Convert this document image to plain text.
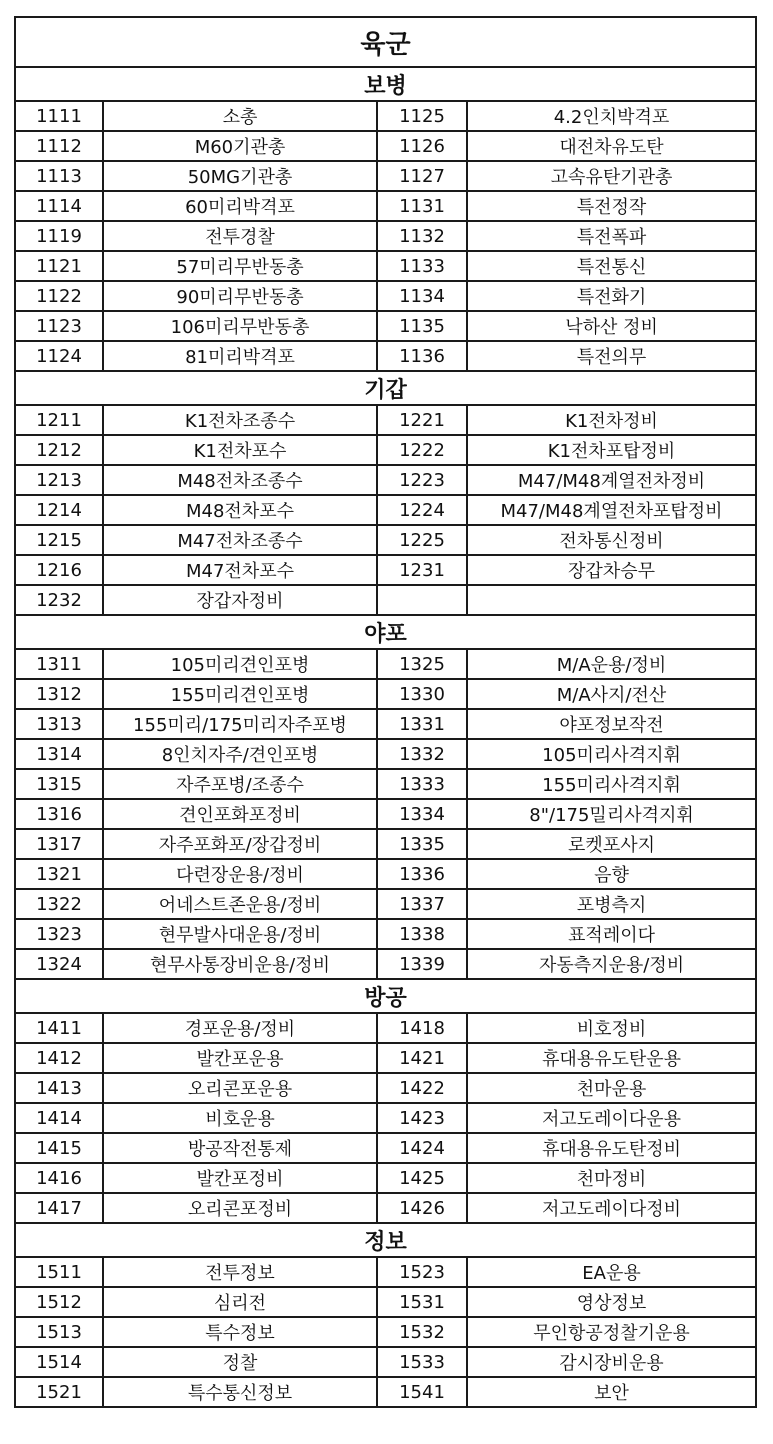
육군			
보병			
1111	소총	1125	4.2인치박격포
1112	M60기관총	1126	대전차유도탄
1113	50MG기관총	1127	고속유탄기관총
1114	60미리박격포	1131	특전정작
1119	전투경찰	1132	특전폭파
1121	57미리무반동총	1133	특전통신
1122	90미리무반동총	1134	특전화기
1123	106미리무반동총	1135	낙하산 정비
1124	81미리박격포	1136	특전의무
기갑			
1211	K1전차조종수	1221	K1전차정비
1212	K1전차포수	1222	K1전차포탑정비
1213	M48전차조종수	1223	M47/M48계열전차정비
1214	M48전차포수	1224	M47/M48계열전차포탑정비
1215	M47전차조종수	1225	전차통신정비
1216	M47전차포수	1231	장갑차승무
1232	장갑자정비		
야포			
1311	105미리견인포병	1325	M/A운용/정비
1312	155미리견인포병	1330	M/A사지/전산
1313	155미리/175미리자주포병	1331	야포정보작전
1314	8인치자주/견인포병	1332	105미리사격지휘
1315	자주포병/조종수	1333	155미리사격지휘
1316	견인포화포정비	1334	8"/175밀리사격지휘
1317	자주포화포/장갑정비	1335	로켓포사지
1321	다련장운용/정비	1336	음향
1322	어네스트존운용/정비	1337	포병측지
1323	현무발사대운용/정비	1338	표적레이다
1324	현무사통장비운용/정비	1339	자동측지운용/정비
방공			
1411	경포운용/정비	1418	비호정비
1412	발칸포운용	1421	휴대용유도탄운용
1413	오리콘포운용	1422	천마운용
1414	비호운용	1423	저고도레이다운용
1415	방공작전통제	1424	휴대용유도탄정비
1416	발칸포정비	1425	천마정비
1417	오리콘포정비	1426	저고도레이다정비
정보			
1511	전투정보	1523	EA운용
1512	심리전	1531	영상정보
1513	특수정보	1532	무인항공정찰기운용
1514	정찰	1533	감시장비운용
1521	특수통신정보	1541	보안
